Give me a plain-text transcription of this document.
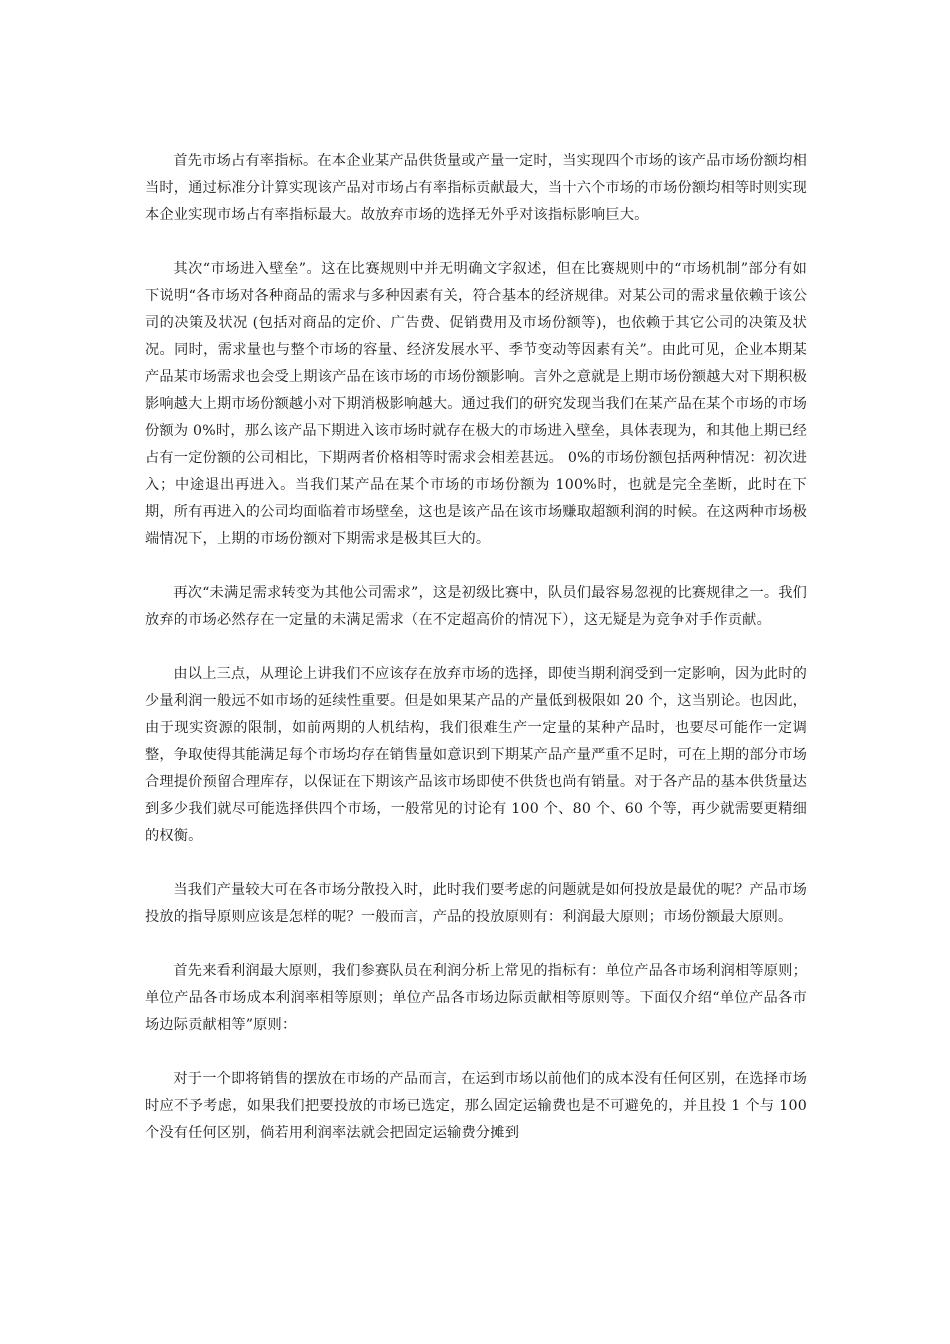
首先市场占有率指标。在本企业某产品供货量或产量一定时，当实现四个市场的该产品市场份额均相当时，通过标准分计算实现该产品对市场占有率指标贡献最大，当十六个市场的市场份额均相等时则实现本企业实现市场占有率指标最大。故放弃市场的选择无外乎对该指标影响巨大。

其次“市场进入壁垒”。这在比赛规则中并无明确文字叙述，但在比赛规则中的“市场机制”部分有如下说明“各市场对各种商品的需求与多种因素有关，符合基本的经济规律。对某公司的需求量依赖于该公司的决策及状况 (包括对商品的定价、广告费、促销费用及市场份额等)，也依赖于其它公司的决策及状况。同时，需求量也与整个市场的容量、经济发展水平、季节变动等因素有关”。由此可见，企业本期某产品某市场需求也会受上期该产品在该市场的市场份额影响。言外之意就是上期市场份额越大对下期积极影响越大上期市场份额越小对下期消极影响越大。通过我们的研究发现当我们在某产品在某个市场的市场份额为 0%时，那么该产品下期进入该市场时就存在极大的市场进入壁垒，具体表现为，和其他上期已经占有一定份额的公司相比，下期两者价格相等时需求会相差甚远。 0%的市场份额包括两种情况：初次进入；中途退出再进入。当我们某产品在某个市场的市场份额为 100%时，也就是完全垄断，此时在下期，所有再进入的公司均面临着市场壁垒，这也是该产品在该市场赚取超额利润的时候。在这两种市场极端情况下，上期的市场份额对下期需求是极其巨大的。

再次“未满足需求转变为其他公司需求”，这是初级比赛中，队员们最容易忽视的比赛规律之一。我们放弃的市场必然存在一定量的未满足需求（在不定超高价的情况下），这无疑是为竞争对手作贡献。

由以上三点，从理论上讲我们不应该存在放弃市场的选择，即使当期利润受到一定影响，因为此时的少量利润一般远不如市场的延续性重要。但是如果某产品的产量低到极限如 20 个，这当别论。也因此，由于现实资源的限制，如前两期的人机结构，我们很难生产一定量的某种产品时，也要尽可能作一定调整，争取使得其能满足每个市场均存在销售量如意识到下期某产品产量严重不足时，可在上期的部分市场合理提价预留合理库存，以保证在下期该产品该市场即使不供货也尚有销量。对于各产品的基本供货量达到多少我们就尽可能选择供四个市场，一般常见的讨论有 100 个、80 个、60 个等，再少就需要更精细的权衡。

当我们产量较大可在各市场分散投入时，此时我们要考虑的问题就是如何投放是最优的呢？产品市场投放的指导原则应该是怎样的呢？一般而言，产品的投放原则有：利润最大原则；市场份额最大原则。

首先来看利润最大原则，我们参赛队员在利润分析上常见的指标有：单位产品各市场利润相等原则；单位产品各市场成本利润率相等原则；单位产品各市场边际贡献相等原则等。下面仅介绍“单位产品各市场边际贡献相等”原则：

对于一个即将销售的摆放在市场的产品而言，在运到市场以前他们的成本没有任何区别，在选择市场时应不予考虑，如果我们把要投放的市场已选定，那么固定运输费也是不可避免的，并且投 1 个与 100 个没有任何区别，倘若用利润率法就会把固定运输费分摊到
